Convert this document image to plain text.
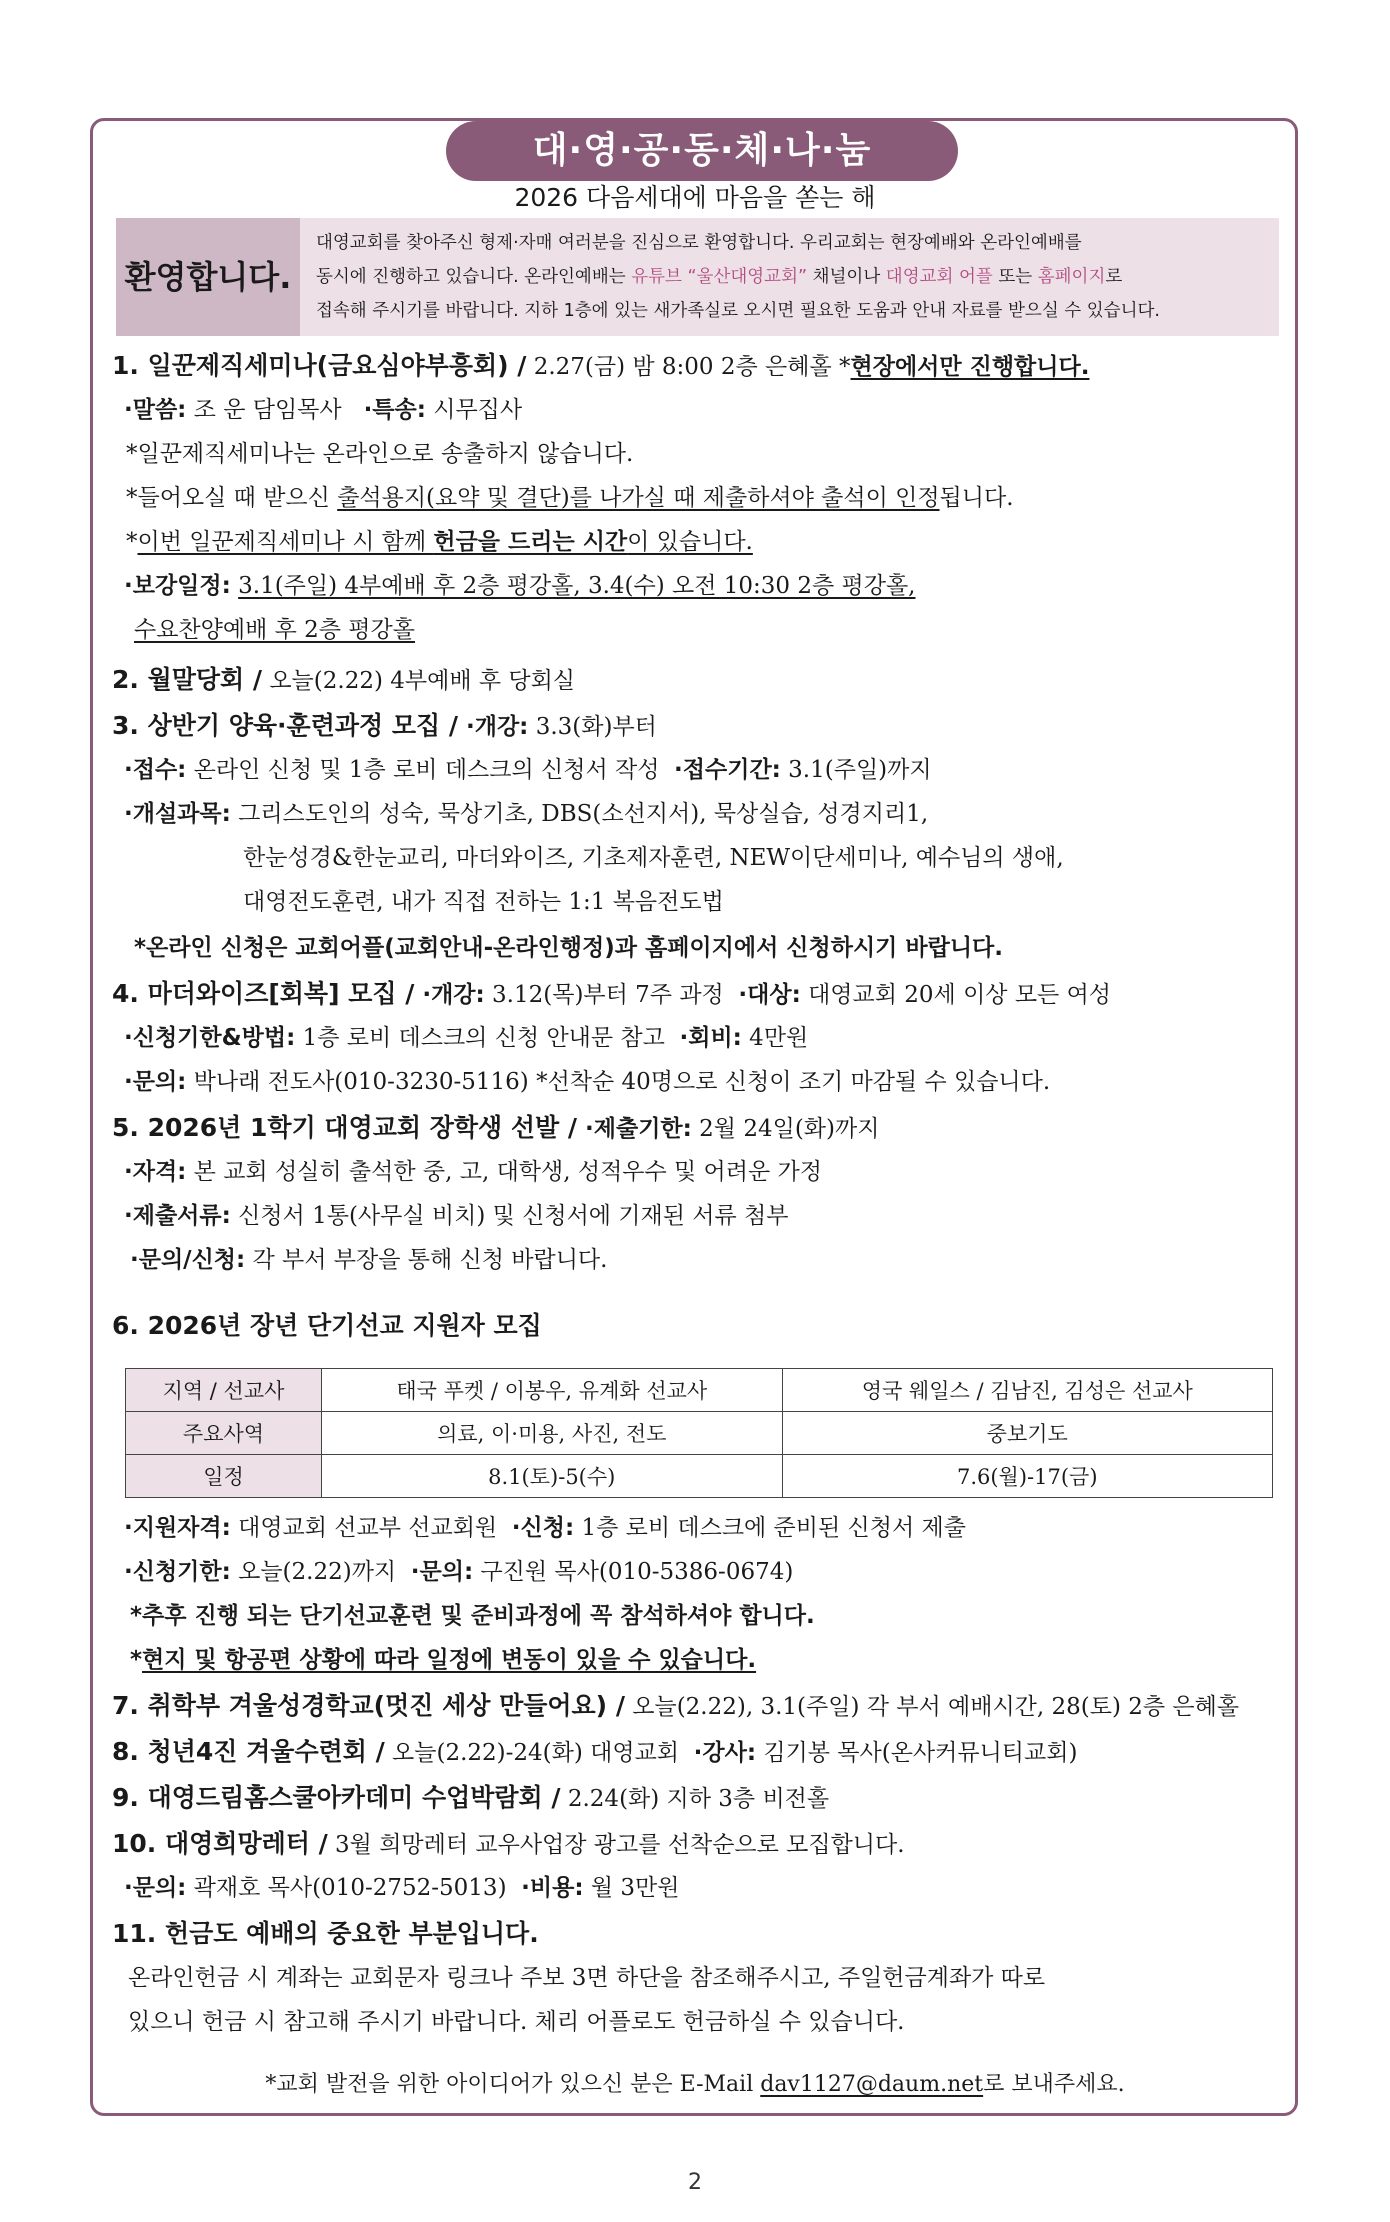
대·영·공·동·체·나·눔
2026 다음세대에 마음을 쏟는 해
환영합니다.
대영교회를 찾아주신 형제·자매 여러분을 진심으로 환영합니다. 우리교회는 현장예배와 온라인예배를
동시에 진행하고 있습니다. 온라인예배는 유튜브 “울산대영교회” 채널이나 대영교회 어플 또는 홈페이지로
접속해 주시기를 바랍니다. 지하 1층에 있는 새가족실로 오시면 필요한 도움과 안내 자료를 받으실 수 있습니다.
1. 일꾼제직세미나(금요심야부흥회) / 2.27(금) 밤 8:00 2층 은혜홀 *현장에서만 진행합니다.
·말씀: 조 운 담임목사 ·특송: 시무집사
*일꾼제직세미나는 온라인으로 송출하지 않습니다.
*들어오실 때 받으신 출석용지(요약 및 결단)를 나가실 때 제출하셔야 출석이 인정됩니다.
*이번 일꾼제직세미나 시 함께 헌금을 드리는 시간이 있습니다.
·보강일정: 3.1(주일) 4부예배 후 2층 평강홀, 3.4(수) 오전 10:30 2층 평강홀,
수요찬양예배 후 2층 평강홀
2. 월말당회 / 오늘(2.22) 4부예배 후 당회실
3. 상반기 양육·훈련과정 모집 / ·개강: 3.3(화)부터
·접수: 온라인 신청 및 1층 로비 데스크의 신청서 작성 ·접수기간: 3.1(주일)까지
·개설과목: 그리스도인의 성숙, 묵상기초, DBS(소선지서), 묵상실습, 성경지리1,
한눈성경&한눈교리, 마더와이즈, 기초제자훈련, NEW이단세미나, 예수님의 생애,
대영전도훈련, 내가 직접 전하는 1:1 복음전도법
*온라인 신청은 교회어플(교회안내-온라인행정)과 홈페이지에서 신청하시기 바랍니다.
4. 마더와이즈[회복] 모집 / ·개강: 3.12(목)부터 7주 과정 ·대상: 대영교회 20세 이상 모든 여성
·신청기한&방법: 1층 로비 데스크의 신청 안내문 참고 ·회비: 4만원
·문의: 박나래 전도사(010-3230-5116) *선착순 40명으로 신청이 조기 마감될 수 있습니다.
5. 2026년 1학기 대영교회 장학생 선발 / ·제출기한: 2월 24일(화)까지
·자격: 본 교회 성실히 출석한 중, 고, 대학생, 성적우수 및 어려운 가정
·제출서류: 신청서 1통(사무실 비치) 및 신청서에 기재된 서류 첨부
·문의/신청: 각 부서 부장을 통해 신청 바랍니다.
6. 2026년 장년 단기선교 지원자 모집
지역 / 선교사	태국 푸켓 / 이봉우, 유계화 선교사	영국 웨일스 / 김남진, 김성은 선교사
주요사역	의료, 이·미용, 사진, 전도	중보기도
일정	8.1(토)-5(수)	7.6(월)-17(금)
·지원자격: 대영교회 선교부 선교회원 ·신청: 1층 로비 데스크에 준비된 신청서 제출
·신청기한: 오늘(2.22)까지 ·문의: 구진원 목사(010-5386-0674)
*추후 진행 되는 단기선교훈련 및 준비과정에 꼭 참석하셔야 합니다.
*현지 및 항공편 상황에 따라 일정에 변동이 있을 수 있습니다.
7. 취학부 겨울성경학교(멋진 세상 만들어요) / 오늘(2.22), 3.1(주일) 각 부서 예배시간, 28(토) 2층 은혜홀
8. 청년4진 겨울수련회 / 오늘(2.22)-24(화) 대영교회 ·강사: 김기봉 목사(온사커뮤니티교회)
9. 대영드림홈스쿨아카데미 수업박람회 / 2.24(화) 지하 3층 비전홀
10. 대영희망레터 / 3월 희망레터 교우사업장 광고를 선착순으로 모집합니다.
·문의: 곽재호 목사(010-2752-5013) ·비용: 월 3만원
11. 헌금도 예배의 중요한 부분입니다.
온라인헌금 시 계좌는 교회문자 링크나 주보 3면 하단을 참조해주시고, 주일헌금계좌가 따로
있으니 헌금 시 참고해 주시기 바랍니다. 체리 어플로도 헌금하실 수 있습니다.
*교회 발전을 위한 아이디어가 있으신 분은 E-Mail dav1127@daum.net로 보내주세요.
2
